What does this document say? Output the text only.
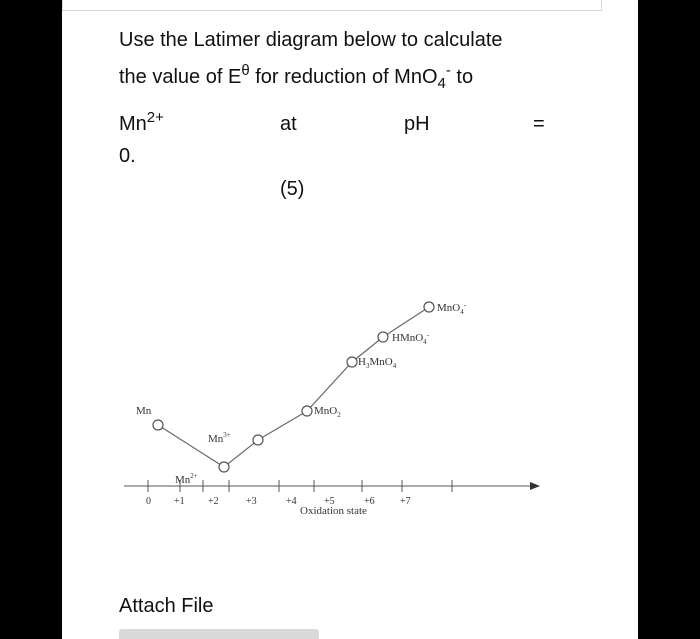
Use the Latimer diagram below to calculate
the value of $E^\theta$ for reduction of MnO$_4$- to
$Mn^{2+}$	at	pH	=
0.
(5)
0 +1 +2	+3	+4	+5	+6	+7
Oxidation state
Mn
$Mn^{2+}$
$Mn^{3+}$
MnO$_2$
$H_3MnO_4$
HMnO$_4$-
MnO$_4$-
Attach File
